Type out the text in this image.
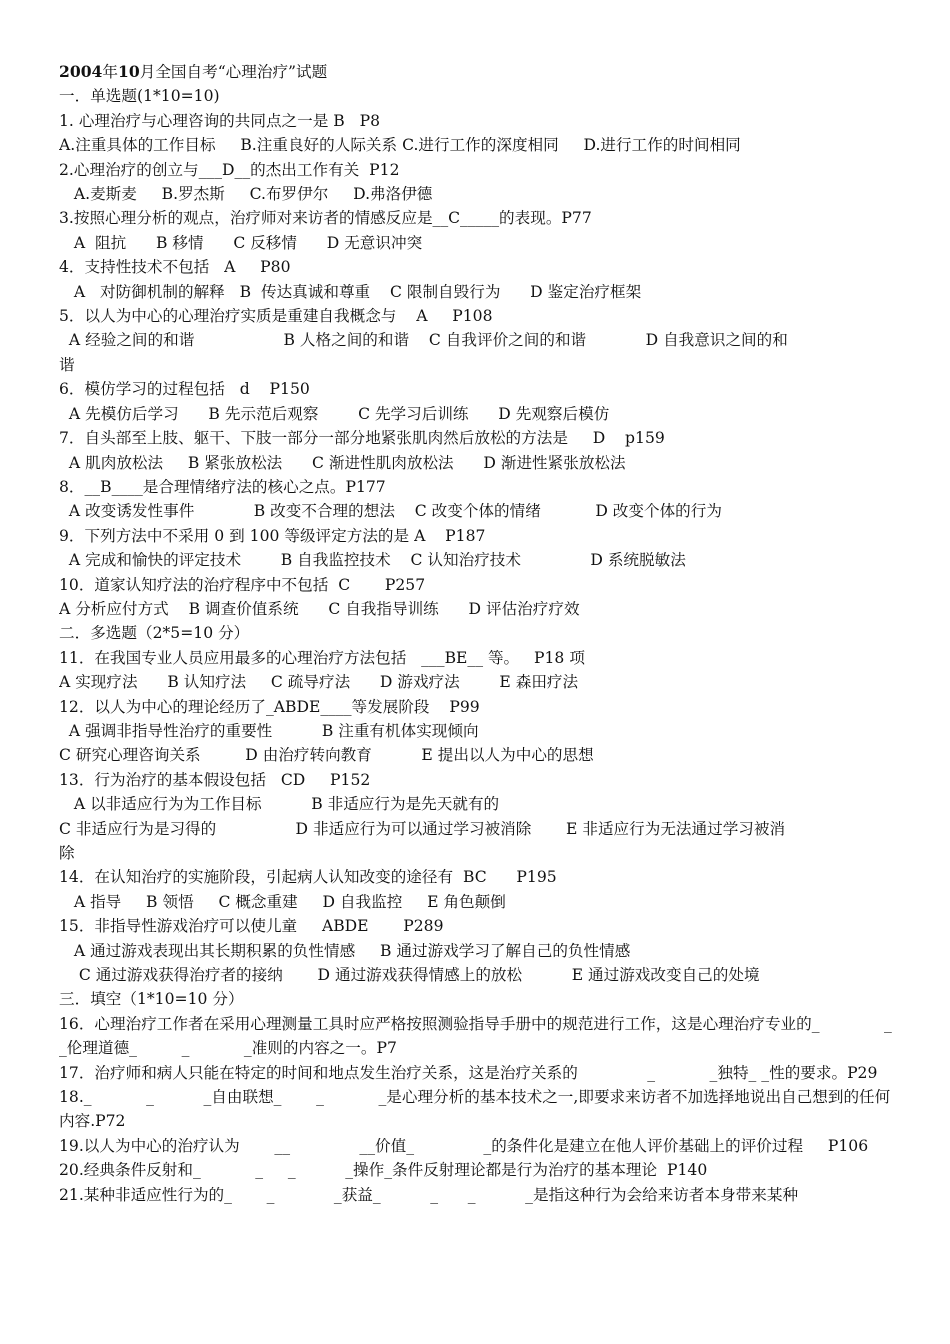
2004年10月全国自考“心理治疗”试题
一．单选题(1*10=10)
1. 心理治疗与心理咨询的共同点之一是 B   P8
A.注重具体的工作目标     B.注重良好的人际关系 C.进行工作的深度相同     D.进行工作的时间相同
2.心理治疗的创立与___D__的杰出工作有关  P12
A.麦斯麦     B.罗杰斯     C.布罗伊尔     D.弗洛伊德
3.按照心理分析的观点，治疗师对来访者的情感反应是__C_____的表现。P77
A  阻抗      B 移情      C 反移情      D 无意识冲突
4．支持性技术不包括   A     P80
A   对防御机制的解释   B  传达真诚和尊重    C 限制自毁行为      D 鉴定治疗框架
5．以人为中心的心理治疗实质是重建自我概念与    A     P108
A 经验之间的和谐                  B 人格之间的和谐    C 自我评价之间的和谐            D 自我意识之间的和
谐
6．模仿学习的过程包括   d    P150
A 先模仿后学习      B 先示范后观察        C 先学习后训练      D 先观察后模仿
7．自头部至上肢、躯干、下肢一部分一部分地紧张肌肉然后放松的方法是     D    p159
A 肌肉放松法     B 紧张放松法      C 渐进性肌肉放松法      D 渐进性紧张放松法
8．__B____是合理情绪疗法的核心之点。P177
A 改变诱发性事件            B 改变不合理的想法    C 改变个体的情绪           D 改变个体的行为
9．下列方法中不采用 0 到 100 等级评定方法的是 A    P187
A 完成和愉快的评定技术        B 自我监控技术    C 认知治疗技术              D 系统脱敏法
10．道家认知疗法的治疗程序中不包括  C       P257
A 分析应付方式    B 调查价值系统      C 自我指导训练      D 评估治疗疗效
二．多选题（2*5=10 分）
11．在我国专业人员应用最多的心理治疗方法包括   ___BE__ 等。   P18 项
A 实现疗法      B 认知疗法     C 疏导疗法      D 游戏疗法        E 森田疗法
12．以人为中心的理论经历了_ABDE____等发展阶段    P99
A 强调非指导性治疗的重要性          B 注重有机体实现倾向
C 研究心理咨询关系         D 由治疗转向教育          E 提出以人为中心的思想
13．行为治疗的基本假设包括   CD     P152
A 以非适应行为为工作目标          B 非适应行为是先天就有的
C 非适应行为是习得的                D 非适应行为可以通过学习被消除       E 非适应行为无法通过学习被消
除
14．在认知治疗的实施阶段，引起病人认知改变的途径有  BC      P195
A 指导     B 领悟     C 概念重建     D 自我监控     E 角色颠倒
15．非指导性游戏治疗可以使儿童     ABDE       P289
A 通过游戏表现出其长期积累的负性情感     B 通过游戏学习了解自己的负性情感
C 通过游戏获得治疗者的接纳       D 通过游戏获得情感上的放松          E 通过游戏改变自己的处境
三．填空（1*10=10 分）
16．心理治疗工作者在采用心理测量工具时应严格按照测验指导手册中的规范进行工作，这是心理治疗专业的_             _           _伦理道德_         _           _准则的内容之一。P7
17．治疗师和病人只能在特定的时间和地点发生治疗关系，这是治疗关系的              _           _独特_ _性的要求。P29
18._           _          _自由联想_       _           _是心理分析的基本技术之一,即要求来访者不加选择地说出自己想到的任何内容.P72
19.以人为中心的治疗认为       __              __价值_              _的条件化是建立在他人评价基础上的评价过程     P106
20.经典条件反射和_           _     _          _操作_条件反射理论都是行为治疗的基本理论  P140
21.某种非适应性行为的_       _            _获益_          _      _          _是指这种行为会给来访者本身带来某种
